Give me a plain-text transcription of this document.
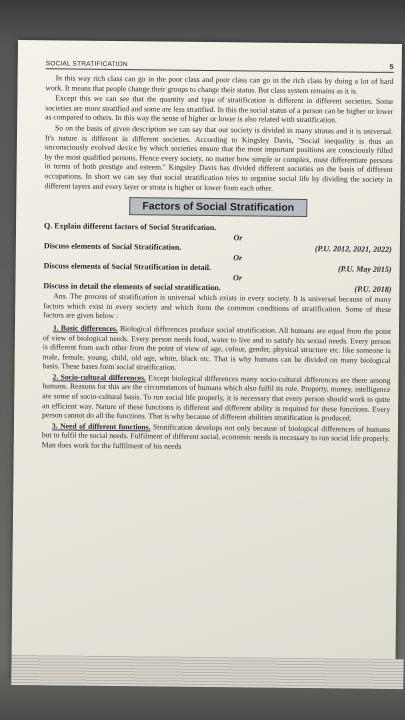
SOCIAL STRATIFICATION	5

In this way rich class can go in the poor class and poor class can go in the rich class by doing a lot of hard work. It means that people change their groups to change their status. But class system remains as it is.

Except this we can see that the quantity and type of stratification is different in different societies. Some societies are more stratified and some are less stratified. In this the social status of a person can be higher or lower as compared to others. In this way the sense of higher or lower is also related with stratification.

So on the basis of given description we can say that our society is divided in many stratas and it is universal. It's nature is different in different societies. According to Kingsley Davis, ''Social inequality is thus an unconsciously evolved device by which societies ensure that the most important positions are consciously filled by the most qualified persons. Hence every society, no matter how simple or complex, must differentiate persons in terms of both prestige and esteem.'' Kingsley Davis has divided different societies on the basis of different occupations. In short we can say that social stratification tries to organise social life by dividing the society in different layers and every layer or strata is higher or lower from each other.

Factors of Social Stratification
Q. Explain different factors of Social Stratifcation.
Or
Discuss elements of Social Stratification.	(P.U. 2012, 2021, 2022)
Or
Discuss elements of Social Stratification in detail.	(P.U. May 2015)
Or
Discuss in detail the elements of social stratification.	(P.U. 2018)

Ans. The process of stratification is universal which exists in every society. It is universal because of many factors which exist in every society and which form the common conditions of stratification. Some of these factors are given below :

1. Basic differences. Biological differences produce social stratification. All humans are equal from the point of view of biological needs. Every person needs food, water to live and to satisfy his sexual needs. Every person is different from each other from the point of view of age, colour, gender, physical structure etc. like someone is male, female, young, child, old age, white, black etc. That is why humans can be divided on many biological basis. These bases form social stratification.

2. Socio-cultural differences. Except biological differences many socio-cultural differences are there among humans. Reasons for this are the circumstances of humans which also fulfil its role. Property, money, intelligence are some of socio-cultural basis. To run social life properly, it is necessary that every person should work in quite an efficient way. Nature of these functions is different and different ability is required for these functions. Every person cannot do all the functions. That is why because of different abilities stratification is produced.

3. Need of different functions. Stratification develops not only because of biological differences of humans but to fulfil the social needs. Fulfilment of different social, economic needs is necessary to run social life properly. Man does work for the fulfilment of his needs
